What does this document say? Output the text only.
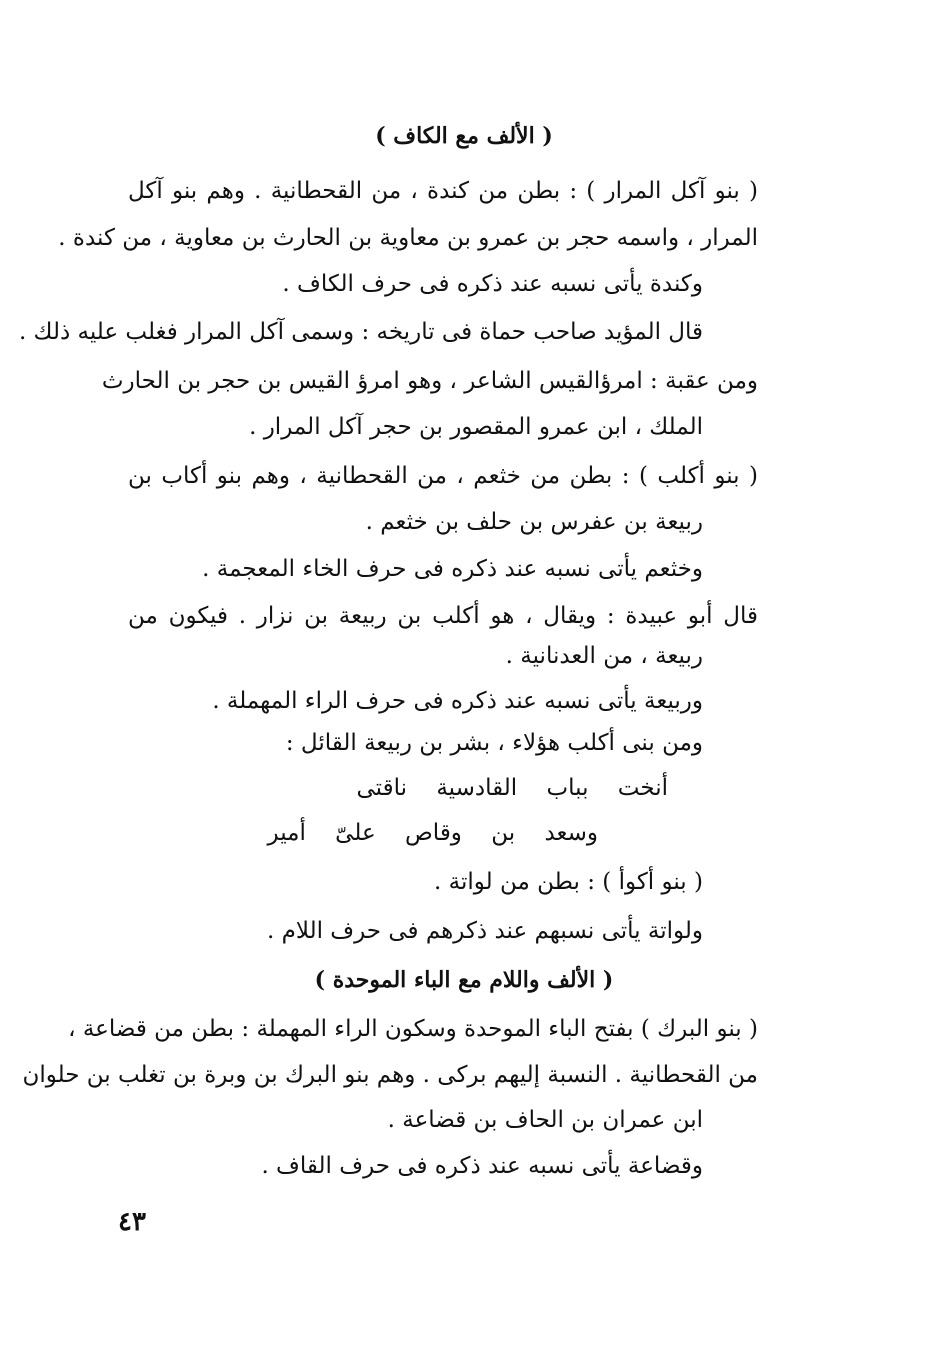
( الألف مع الكاف )
( بنو آكل المرار ) : بطن من كندة ، من القحطانية . وهم بنو آكل
المرار ، واسمه حجر بن عمرو بن معاوية بن الحارث بن معاوية ، من كندة .
وكندة يأتى نسبه عند ذكره فى حرف الكاف .
قال المؤيد صاحب حماة فى تاريخه : وسمى آكل المرار فغلب عليه ذلك .
ومن عقبة : امرؤالقيس الشاعر ، وهو امرؤ القيس بن حجر بن الحارث
الملك ، ابن عمرو المقصور بن حجر آكل المرار .
( بنو أكلب ) : بطن من خثعم ، من القحطانية ، وهم بنو أكاب بن
ربيعة بن عفرس بن حلف بن خثعم .
وخثعم يأتى نسبه عند ذكره فى حرف الخاء المعجمة .
قال أبو عبيدة : ويقال ، هو أكلب بن ربيعة بن نزار . فيكون من
ربيعة ، من العدنانية .
وربيعة يأتى نسبه عند ذكره فى حرف الراء المهملة .
ومن بنى أكلب هؤلاء ، بشر بن ربيعة القائل :
أنخت بباب القادسية ناقتى
وسعد بن وقاص علىّ أمير
( بنو أكوأ ) : بطن من لواتة .
ولواتة يأتى نسبهم عند ذكرهم فى حرف اللام .
( الألف واللام مع الباء الموحدة )
( بنو البرك ) بفتح الباء الموحدة وسكون الراء المهملة : بطن من قضاعة ،
من القحطانية . النسبة إليهم بركى . وهم بنو البرك بن وبرة بن تغلب بن حلوان
ابن عمران بن الحاف بن قضاعة .
وقضاعة يأتى نسبه عند ذكره فى حرف القاف .
٤٣
